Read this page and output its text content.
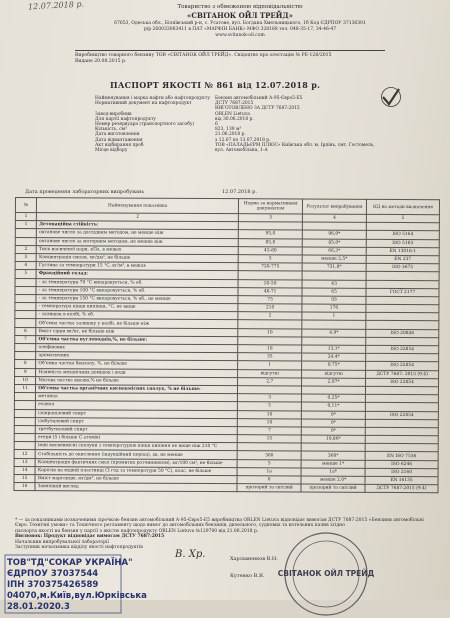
12.07.2018 р.	Товариство з обмеженою відповідальністю
«СВІТАНОК ОЙЛ ТРЕЙД»
67653, Одеська обл., Біляївський р-н, с. Усатове, вул. Богдана Хмельницького, 1б Код ЄДРПОУ 37136301
р/р 260033063411 в ПАТ «МАРФІН БАНК» МФО 328168 тел. 048-35-17, 34-46-47
www.svitanok-oil.com
Виробництво товарного бензину ТОВ «СВІТАНОК ОЙЛ ТРЕЙД». Свідоцтво про атестацію № РЕ-126/2015
Видане 20.08.2015 р.
ПАСПОРТ ЯКОСТІ № 861 від 12.07.2018 р.
Найменування і марка нафти або нафтопродукту	Бензин автомобільний А-95-Євро5-Е5
Нормативний документ на нафтопродукт	ДСТУ 7687:2015
ВИГОТОВЛЕНО ЗА ДСТУ 7687:2015
Завод-виробник	ORLEN Lietuva
Для партії нафтопродукту	від 30.06.2018 р.
Номер резервуара (транспортного засобу)	6
Кількість, см³	823, 139 м³
Дата виготовлення	21.06.2018 р.
Дата відвантаження	з 12.07 по 13.07.2018 р.
Акт відбирання проб	ТОВ «ПАЛАДЬЄРМ ПЛЮС» Київська обл. м. Ірпінь, смт. Гостомель,
Місце відбору	вул. Автомобільна, 1-А
Дата проведення лабораторних випробувань	12.07.2018 р.
№	Найменування показника	Норма за нормативним документом	Результат випробування	НД на методи визначення
1	2	3	4	5
1	Детонаційна стійкість:			
	октанове число за дослідним методом, не менше ніж	95,0	96,0*	ISO 5164
	октанове число за моторним методом, не менше ніж	85,0	85,0*	ISO 5163
2	Тиск насиченої пари, кПа, в межах	45-80	66,3*	EN 13016-1
3	Концентрація смоли, мг/дм³, не більше	5	менше 2,5*	EN 237
4	Густина за температури 15 °C, кг/м³, в межах	720-775	731,8*	ISO 3675
5	Фракційний склад:			
	- за температури 70 °C випаровується, % об.	20-50	43	
	- за температури 100 °C випаровується, % об.	46-71	65	ГОСТ 2177
	- за температури 150 °C випаровується, % об., не менше	75	93	
	- температура кінця кипіння, °C, не вище	210	176	
	- залишок в колбі, % об.	2	1	
	Об'ємна частка залишку у колбі, не більше ніж			
6	Вміст сірки мг/кг, не більше ніж	10	4,9*	ISO 20846
7	Об'ємна частка вуглеводнів,%, не більше:			
	олефінових	18	13,1*	ISO 22854
	ароматичних	35	24,4*	
8	Об'ємна частка бензолу, %, не більше	1	0,75*	ISO 22854
9	Наявність механічних домішок і води	відсутні	відсутні	ДСТУ 7687: 2015 (9.4)
10	Масова частка кисню,% не більше	2,7	2,07*	ISO 22854
11	Об'ємна частка органічних кисневмісних сполук, % не більше:			
	метанол	3	0,25*	
	етанол	5	0,11*	
	ізопропіловий спирт	10	0*	ISO 22854
	ізобутиловий спирт	10	0*	
	третбутиловий спирт	7	0*	
	етери (5 і більше С атомів)	15	10,86*	
	інші кисневмісні сполуки з температурою кінця кипіння не вище ніж 210 °C			
12	Стабільність до окислення (індукційний період), хв, не менше	360	360*	EN ISO 7536
13	Концентрація фактичних смол (промитих розчинником), мг/100 см³, не більше	5	менше 1*	ISO 6246
14	Корозія на мідній пластинці (3 год за температури 50 °C), клас, не більше	1a	1a*	ISO 2160
15	Вміст марганцю, мг/дм³, не більше	6	менше 2,0*	EN 16135
16	Зовнішній вигляд	прозорий та світлий	прозорий та світлий	ДСТУ 7687:2015 (9.4)
* — за показниками позначеними зірочкою бензин автомобільний А-95-Євро5-Е5 виробництва ORLEN Lietuva відповідає вимогам ДСТУ 7687:2015 «Бензини автомобільні
Євро. Технічні умови» та Технічного регламенту щодо вимог до автомобільних бензинів, дизельного, суднових та котельних палив згідно
паспорта якості на бензин у партії з якістю нафтопродукту ORLEN Lietuva №129700 від 21.06.2018 р.
Висновок: Продукт відповідає вимогам ДСТУ 7687:2015
Начальник випробувальної лабораторії
Заступник начальника відділу якості нафтопродуктів
В. Хр.	Харламенков В.Н.
Кутенко В.Я. СВІТАНОК ОЙЛ ТРЕЙД
ТОВ"ТД"СОКАР УКРАЇНА"
ЄДРПОУ 37037544
ІПН 370375426589
04070,м.Київ,вул.Юрківська
28.01.2020.3
